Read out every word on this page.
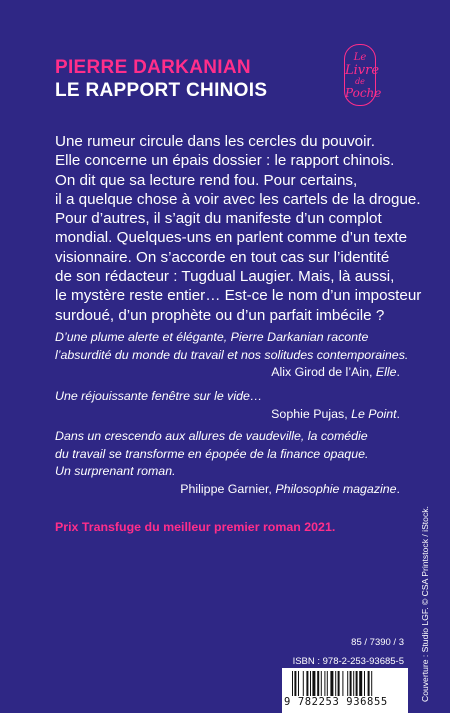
PIERRE DARKANIAN
LE RAPPORT CHINOIS
Le
Livre
de
Poche

Une rumeur circule dans les cercles du pouvoir.
Elle concerne un épais dossier : le rapport chinois.
On dit que sa lecture rend fou. Pour certains,
il a quelque chose à voir avec les cartels de la drogue.
Pour d’autres, il s’agit du manifeste d’un complot
mondial. Quelques-uns en parlent comme d’un texte
visionnaire. On s’accorde en tout cas sur l’identité
de son rédacteur : Tugdual Laugier. Mais, là aussi,
le mystère reste entier… Est-ce le nom d’un imposteur
surdoué, d’un prophète ou d’un parfait imbécile ?

D’une plume alerte et élégante, Pierre Darkanian raconte
l’absurdité du monde du travail et nos solitudes contemporaines.
Alix Girod de l’Ain, Elle.
Une réjouissante fenêtre sur le vide…
Sophie Pujas, Le Point.
Dans un crescendo aux allures de vaudeville, la comédie
du travail se transforme en épopée de la finance opaque.
Un surprenant roman.
Philippe Garnier, Philosophie magazine.
Prix Transfuge du meilleur premier roman 2021.	Couverture : Studio LGF. © CSA Printstock / iStock.
85 / 7390 / 3
ISBN : 978-2-253-93685-5
9 782253 936855
